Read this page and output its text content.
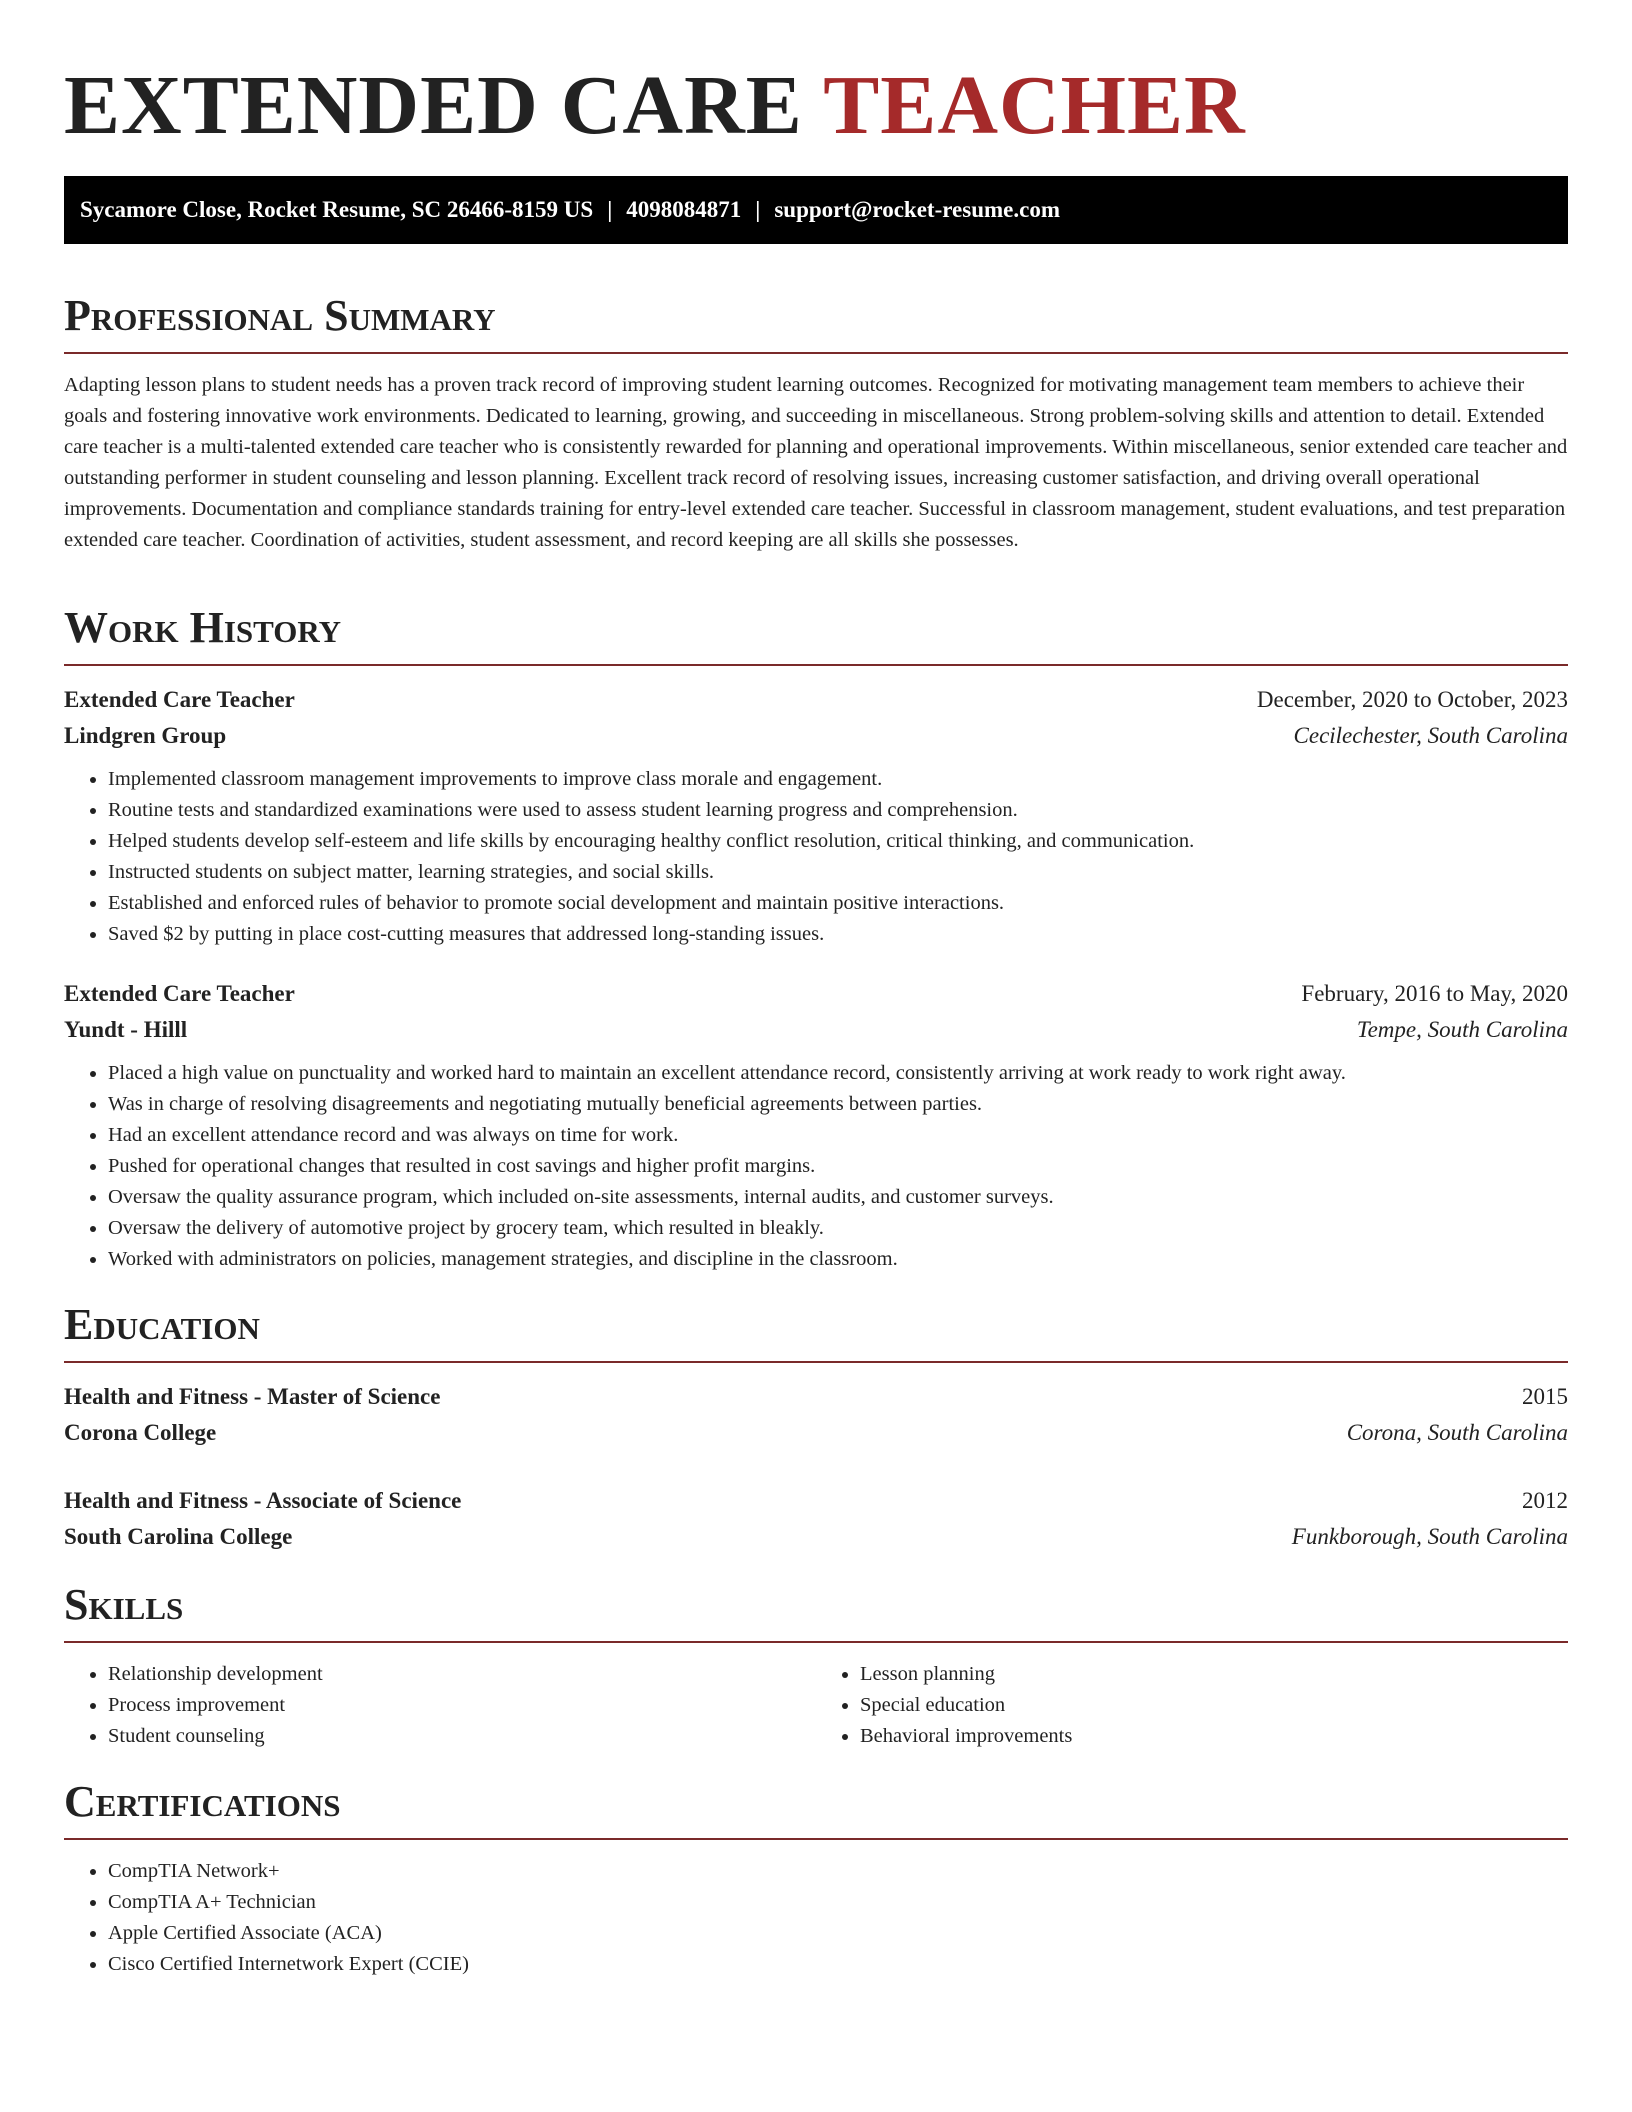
EXTENDED CARE TEACHER
Sycamore Close, Rocket Resume, SC 26466-8159 US | 4098084871 | support@rocket-resume.com
Professional Summary

Adapting lesson plans to student needs has a proven track record of improving student learning outcomes. Recognized for motivating management team members to achieve their goals and fostering innovative work environments. Dedicated to learning, growing, and succeeding in miscellaneous. Strong problem-solving skills and attention to detail. Extended care teacher is a multi-talented extended care teacher who is consistently rewarded for planning and operational improvements. Within miscellaneous, senior extended care teacher and outstanding performer in student counseling and lesson planning. Excellent track record of resolving issues, increasing customer satisfaction, and driving overall operational improvements. Documentation and compliance standards training for entry-level extended care teacher. Successful in classroom management, student evaluations, and test preparation extended care teacher. Coordination of activities, student assessment, and record keeping are all skills she possesses.

Work History
Extended Care Teacher	December, 2020 to October, 2023
Lindgren Group	Cecilechester, South Carolina
• Implemented classroom management improvements to improve class morale and engagement.
• Routine tests and standardized examinations were used to assess student learning progress and comprehension.
• Helped students develop self-esteem and life skills by encouraging healthy conflict resolution, critical thinking, and communication.
• Instructed students on subject matter, learning strategies, and social skills.
• Established and enforced rules of behavior to promote social development and maintain positive interactions.
• Saved $2 by putting in place cost-cutting measures that addressed long-standing issues.
Extended Care Teacher	February, 2016 to May, 2020
Yundt - Hilll	Tempe, South Carolina
• Placed a high value on punctuality and worked hard to maintain an excellent attendance record, consistently arriving at work ready to work right away.
• Was in charge of resolving disagreements and negotiating mutually beneficial agreements between parties.
• Had an excellent attendance record and was always on time for work.
• Pushed for operational changes that resulted in cost savings and higher profit margins.
• Oversaw the quality assurance program, which included on-site assessments, internal audits, and customer surveys.
• Oversaw the delivery of automotive project by grocery team, which resulted in bleakly.
• Worked with administrators on policies, management strategies, and discipline in the classroom.
Education
Health and Fitness - Master of Science	2015
Corona College	Corona, South Carolina
Health and Fitness - Associate of Science	2012
South Carolina College	Funkborough, South Carolina
Skills
• Relationship development
• Process improvement
• Student counseling
• Lesson planning
• Special education
• Behavioral improvements
Certifications
• CompTIA Network+
• CompTIA A+ Technician
• Apple Certified Associate (ACA)
• Cisco Certified Internetwork Expert (CCIE)
